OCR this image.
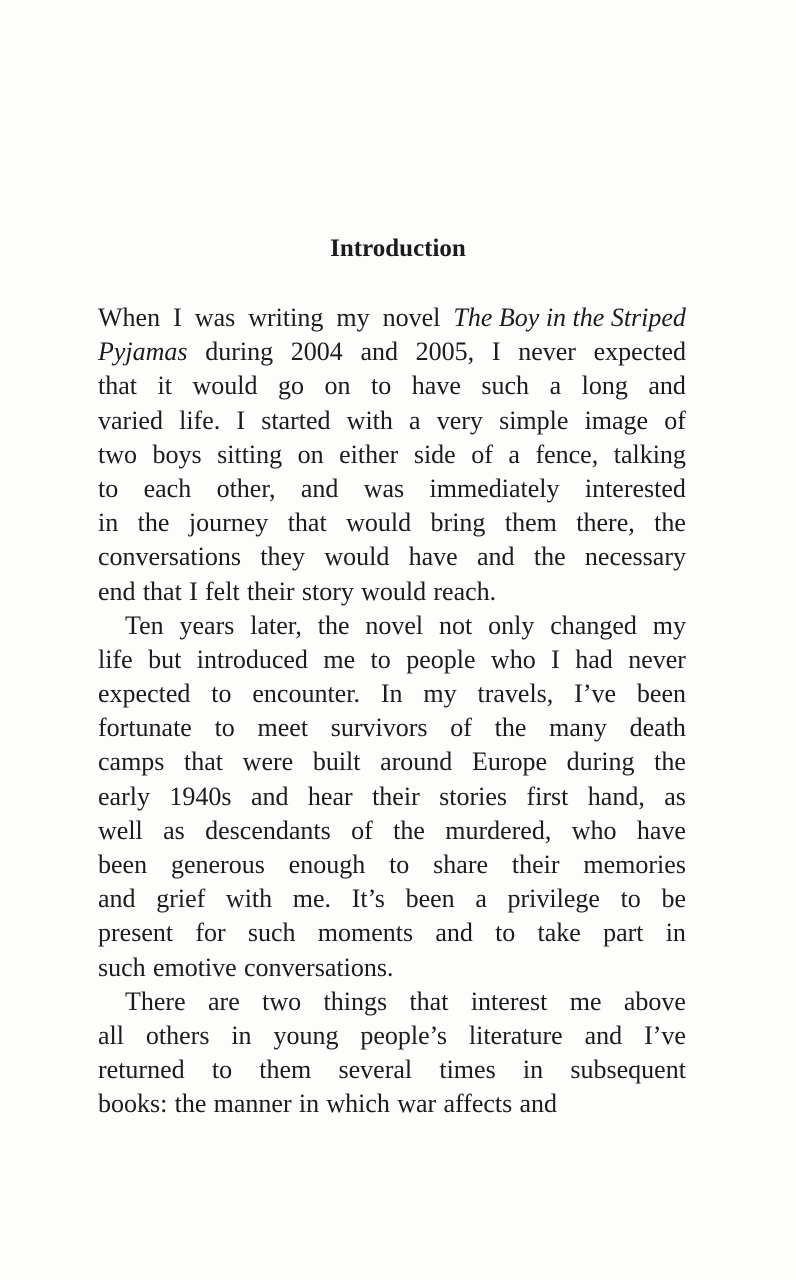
Introduction
When I was writing my novel The Boy in the Striped
Pyjamas during 2004 and 2005, I never expected
that it would go on to have such a long and
varied life. I started with a very simple image of
two boys sitting on either side of a fence, talking
to each other, and was immediately interested
in the journey that would bring them there, the
conversations they would have and the necessary
end that I felt their story would reach.
Ten years later, the novel not only changed my
life but introduced me to people who I had never
expected to encounter. In my travels, I’ve been
fortunate to meet survivors of the many death
camps that were built around Europe during the
early 1940s and hear their stories first hand, as
well as descendants of the murdered, who have
been generous enough to share their memories
and grief with me. It’s been a privilege to be
present for such moments and to take part in
such emotive conversations.
There are two things that interest me above
all others in young people’s literature and I’ve
returned to them several times in subsequent
books: the manner in which war affects and
